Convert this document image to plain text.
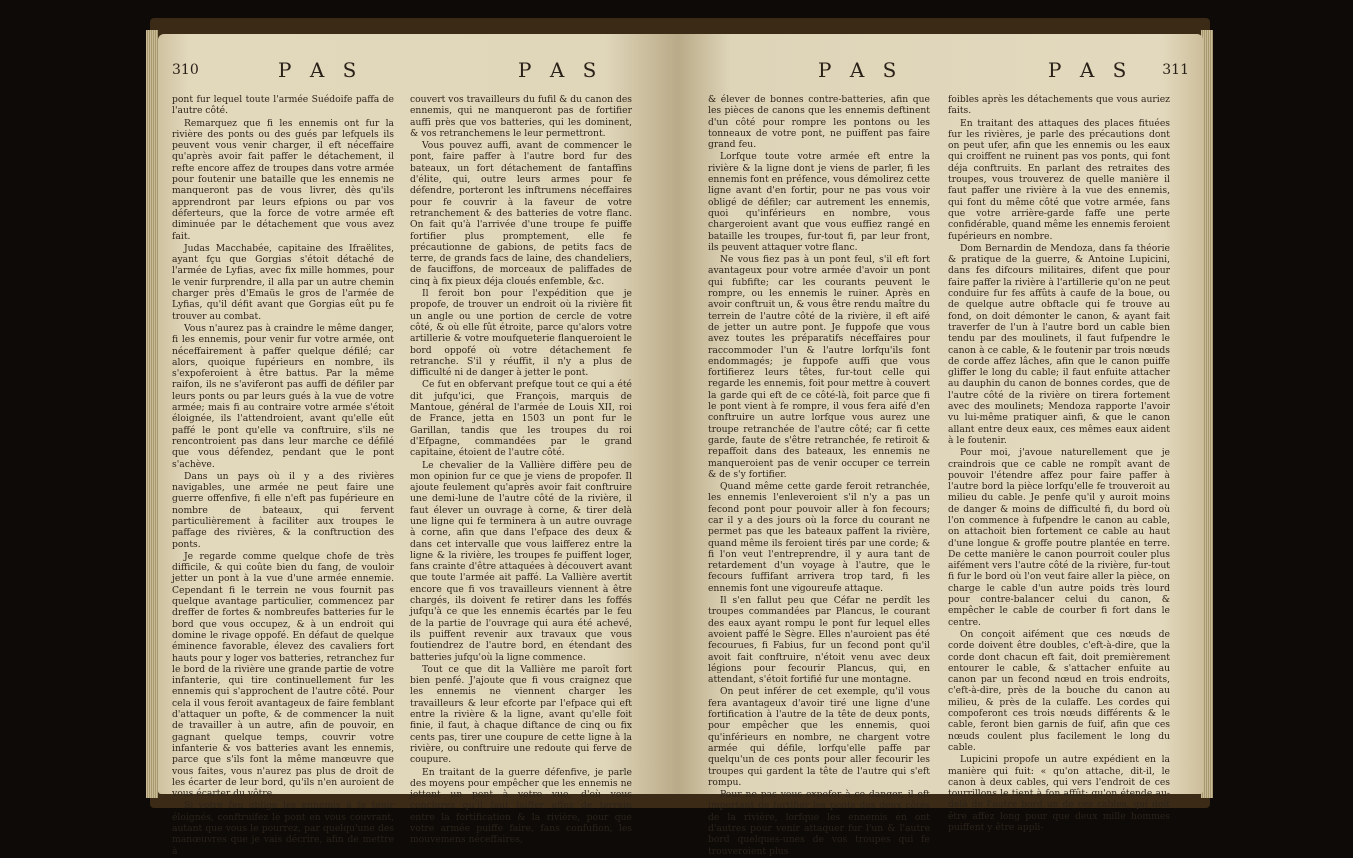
310	P A S	P A S

pont fur lequel toute l'armée Suédoife paffa de l'autre côté.

Remarquez que fi les ennemis ont fur la rivière des ponts ou des gués par lefquels ils peuvent vous venir charger, il eft néceffaire qu'après avoir fait paffer le détachement, il refte encore affez de troupes dans votre armée pour foutenir une bataille que les ennemis ne manqueront pas de vous livrer, dès qu'ils apprendront par leurs efpions ou par vos déferteurs, que la force de votre armée eft diminuée par le détachement que vous avez fait.

Judas Macchabée, capitaine des Ifraëlites, ayant fçu que Gorgias s'étoit détaché de l'armée de Lyfias, avec fix mille hommes, pour le venir furprendre, il alla par un autre chemin charger près d'Emaüs le gros de l'armée de Lyfias, qu'il défit avant que Gorgias eût pu fe trouver au combat.

Vous n'aurez pas à craindre le même danger, fi les ennemis, pour venir fur votre armée, ont néceffairement à paffer quelque défilé; car alors, quoique fupérieurs en nombre, ils s'expoferoient à être battus. Par la même raifon, ils ne s'aviferont pas auffi de défiler par leurs ponts ou par leurs gués à la vue de votre armée; mais fi au contraire votre armée s'étoit éloignée, ils l'attendroient, avant qu'elle eût paffé le pont qu'elle va conftruire, s'ils ne rencontroient pas dans leur marche ce défilé que vous défendez, pendant que le pont s'achève.

Dans un pays où il y a des rivières navigables, une armée ne peut faire une guerre offenfive, fi elle n'eft pas fupérieure en nombre de bateaux, qui fervent particulièrement à faciliter aux troupes le paffage des rivières, & la conftruction des ponts.

Je regarde comme quelque chofe de très difficile, & qui coûte bien du fang, de vouloir jetter un pont à la vue d'une armée ennemie. Cependant fi le terrein ne vous fournit pas quelque avantage particulier, commencez par dreffer de fortes & nombreufes batteries fur le bord que vous occupez, & à un endroit qui domine le rivage oppofé. En défaut de quelque éminence favorable, élevez des cavaliers fort hauts pour y loger vos batteries, retranchez fur le bord de la rivière une grande partie de votre infanterie, qui tire continuellement fur les ennemis qui s'approchent de l'autre côté. Pour cela il vous feroit avantageux de faire femblant d'attaquer un pofte, & de commencer la nuit de travailler à un autre, afin de pouvoir, en gagnant quelque temps, couvrir votre infanterie & vos batteries avant les ennemis, parce que s'ils font la même manœuvre que vous faites, vous n'aurez pas plus de droit de les écarter de leur bord, qu'ils n'en auroient de vous écarter du vôtre.

Si votre feu oblige les ennemis à fe tenir éloignés, conftruifez le pont en vous couvrant, autant que vous le pourrez, par quelqu'une des manœuvres que je vais décrire, afin de mettre à

couvert vos travailleurs du fufil & du canon des ennemis, qui ne manqueront pas de fortifier auffi près que vos batteries, qui les dominent, & vos retranchemens le leur permettront.

Vous pouvez auffi, avant de commencer le pont, faire paffer à l'autre bord fur des bateaux, un fort détachement de fantaffins d'élite, qui, outre leurs armes pour fe défendre, porteront les inftrumens néceffaires pour fe couvrir à la faveur de votre retranchement & des batteries de votre flanc. On fait qu'à l'arrivée d'une troupe fe puiffe fortifier plus promptement, elle fe précautionne de gabions, de petits facs de terre, de grands facs de laine, des chandeliers, de fauciffons, de morceaux de paliffades de cinq à fix pieux déja cloués enfemble, &c.

Il feroit bon pour l'expédition que je propofe, de trouver un endroit où la rivière fit un angle ou une portion de cercle de votre côté, & où elle fût étroite, parce qu'alors votre artillerie & votre moufqueterie flanqueroient le bord oppofé où votre détachement fe retranche. S'il y réuffit, il n'y a plus de difficulté ni de danger à jetter le pont.

Ce fut en obfervant prefque tout ce qui a été dit jufqu'ici, que François, marquis de Mantoue, général de l'armée de Louis XII, roi de France, jetta en 1503 un pont fur le Garillan, tandis que les troupes du roi d'Efpagne, commandées par le grand capitaine, étoient de l'autre côté.

Le chevalier de la Vallière diffère peu de mon opinion fur ce que je viens de propofer. Il ajoute feulement qu'après avoir fait conftruire une demi-lune de l'autre côté de la rivière, il faut élever un ouvrage à corne, & tirer delà une ligne qui fe terminera à un autre ouvrage à corne, afin que dans l'efpace des deux & dans cet intervalle que vous laifferez entre la ligne & la rivière, les troupes fe puiffent loger, fans crainte d'être attaquées à découvert avant que toute l'armée ait paffé. La Vallière avertit encore que fi vos travailleurs viennent à être chargés, ils doivent fe retirer dans les foffés jufqu'à ce que les ennemis écartés par le feu de la partie de l'ouvrage qui aura été achevé, ils puiffent revenir aux travaux que vous foutiendrez de l'autre bord, en étendant des batteries jufqu'où la ligne commence.

Tout ce que dit la Vallière me paroît fort bien penfé. J'ajoute que fi vous craignez que les ennemis ne viennent charger les travailleurs & leur efcorte par l'efpace qui eft entre la rivière & la ligne, avant qu'elle foit finie, il faut, à chaque diftance de cinq ou fix cents pas, tirer une coupure de cette ligne à la rivière, ou conftruire une redoute qui ferve de coupure.

En traitant de la guerre défenfive, je parle des moyens pour empêcher que les ennemis ne jettent un pont à votre vue, d'où vous conclurez qu'il faut laiffer affez de terrein entre la fortification & la rivière, pour que votre armée puiffe faire, fans confufion, les mouvemens néceffaires,

P A S	P A S 311

& élever de bonnes contre-batteries, afin que les pièces de canons que les ennemis deftinent d'un côté pour rompre les pontons ou les tonneaux de votre pont, ne puiffent pas faire grand feu.

Lorfque toute votre armée eft entre la rivière & la ligne dont je viens de parler, fi les ennemis font en préfence, vous démolirez cette ligne avant d'en fortir, pour ne pas vous voir obligé de défiler; car autrement les ennemis, quoi qu'inférieurs en nombre, vous chargeroient avant que vous euffiez rangé en bataille les troupes, fur-tout fi, par leur front, ils peuvent attaquer votre flanc.

Ne vous fiez pas à un pont feul, s'il eft fort avantageux pour votre armée d'avoir un pont qui fubfifte; car les courants peuvent le rompre, ou les ennemis le ruiner. Après en avoir conftruit un, & vous être rendu maître du terrein de l'autre côté de la rivière, il eft aifé de jetter un autre pont. Je fuppofe que vous avez toutes les préparatifs néceffaires pour raccommoder l'un & l'autre lorfqu'ils font endommagés; je fuppofe auffi que vous fortifierez leurs têtes, fur-tout celle qui regarde les ennemis, foit pour mettre à couvert la garde qui eft de ce côté-là, foit parce que fi le pont vient à fe rompre, il vous fera aifé d'en conftruire un autre lorfque vous aurez une troupe retranchée de l'autre côté; car fi cette garde, faute de s'être retranchée, fe retiroit & repaffoit dans des bateaux, les ennemis ne manqueroient pas de venir occuper ce terrein & de s'y fortifier.

Quand même cette garde feroit retranchée, les ennemis l'enleveroient s'il n'y a pas un fecond pont pour pouvoir aller à fon fecours; car il y a des jours où la force du courant ne permet pas que les bateaux paffent la rivière, quand même ils feroient tirés par une corde; & fi l'on veut l'entreprendre, il y aura tant de retardement d'un voyage à l'autre, que le fecours fuffifant arrivera trop tard, fi les ennemis font une vigoureufe attaque.

Il s'en fallut peu que Céfar ne perdît les troupes commandées par Plancus, le courant des eaux ayant rompu le pont fur lequel elles avoient paffé le Sègre. Elles n'auroient pas été fecourues, fi Fabius, fur un fecond pont qu'il avoit fait conftruire, n'étoit venu avec deux légions pour fecourir Plancus, qui, en attendant, s'étoit fortifié fur une montagne.

On peut inférer de cet exemple, qu'il vous fera avantageux d'avoir tiré une ligne d'une fortification à l'autre de la tête de deux ponts, pour empêcher que les ennemis, quoi qu'inférieurs en nombre, ne chargent votre armée qui défile, lorfqu'elle paffe par quelqu'un de ces ponts pour aller fecourir les troupes qui gardent la tête de l'autre qui s'eft rompu.

Pour ne pas vous expofer à ce danger, il eft important de fortifier les ponts des deux côtés de la rivière, lorfque les ennemis en ont d'autres pour venir attaquer fur l'un & l'autre bord quelques-unes de vos troupes qui fe trouveroient plus

foibles après les détachements que vous auriez faits.

En traitant des attaques des places fituées fur les rivières, je parle des précautions dont on peut ufer, afin que les ennemis ou les eaux qui croiffent ne ruinent pas vos ponts, qui font déja conftruits. En parlant des retraites des troupes, vous trouverez de quelle manière il faut paffer une rivière à la vue des ennemis, qui font du même côté que votre armée, fans que votre arrière-garde faffe une perte confidérable, quand même les ennemis feroient fupérieurs en nombre.

Dom Bernardin de Mendoza, dans fa théorie & pratique de la guerre, & Antoine Lupicini, dans fes difcours militaires, difent que pour faire paffer la rivière à l'artillerie qu'on ne peut conduire fur fes affûts à caufe de la boue, ou de quelque autre obftacle qui fe trouve au fond, on doit démonter le canon, & ayant fait traverfer de l'un à l'autre bord un cable bien tendu par des moulinets, il faut fufpendre le canon à ce cable, & le foutenir par trois nœuds de corde affez lâches, afin que le canon puiffe gliffer le long du cable; il faut enfuite attacher au dauphin du canon de bonnes cordes, que de l'autre côté de la rivière on tirera fortement avec des moulinets; Mendoza rapporte l'avoir vu lui-même pratiquer ainfi, & que le canon allant entre deux eaux, ces mêmes eaux aident à le foutenir.

Pour moi, j'avoue naturellement que je craindrois que ce cable ne rompît avant de pouvoir l'étendre affez pour faire paffer à l'autre bord la pièce lorfqu'elle fe trouveroit au milieu du cable. Je penfe qu'il y auroit moins de danger & moins de difficulté fi, du bord où l'on commence à fufpendre le canon au cable, on attachoit bien fortement ce cable au haut d'une longue & groffe poutre plantée en terre. De cette manière le canon pourroit couler plus aifément vers l'autre côté de la rivière, fur-tout fi fur le bord où l'on veut faire aller la pièce, on charge le cable d'un autre poids très lourd pour contre-balancer celui du canon, & empêcher le cable de courber fi fort dans le centre.

On conçoit aifément que ces nœuds de corde doivent être doubles, c'eft-à-dire, que la corde dont chacun eft fait, doit premièrement entourer le cable, & s'attacher enfuite au canon par un fecond nœud en trois endroits, c'eft-à-dire, près de la bouche du canon au milieu, & près de la culaffe. Les cordes qui compoferont ces trois nœuds différents & le cable, feront bien garnis de fuif, afin que ces nœuds coulent plus facilement le long du cable.

Lupicini propofe un autre expédient en la manière qui fuit: « qu'on attache, dit-il, le canon à deux cables, qui vers l'endroit de ces tourrillons le tient à fon affût; qu'on étende au-delà de l'autre bord un de ces cables, qui doit être affez long pour que deux mille hommes puiffent y être appli-
